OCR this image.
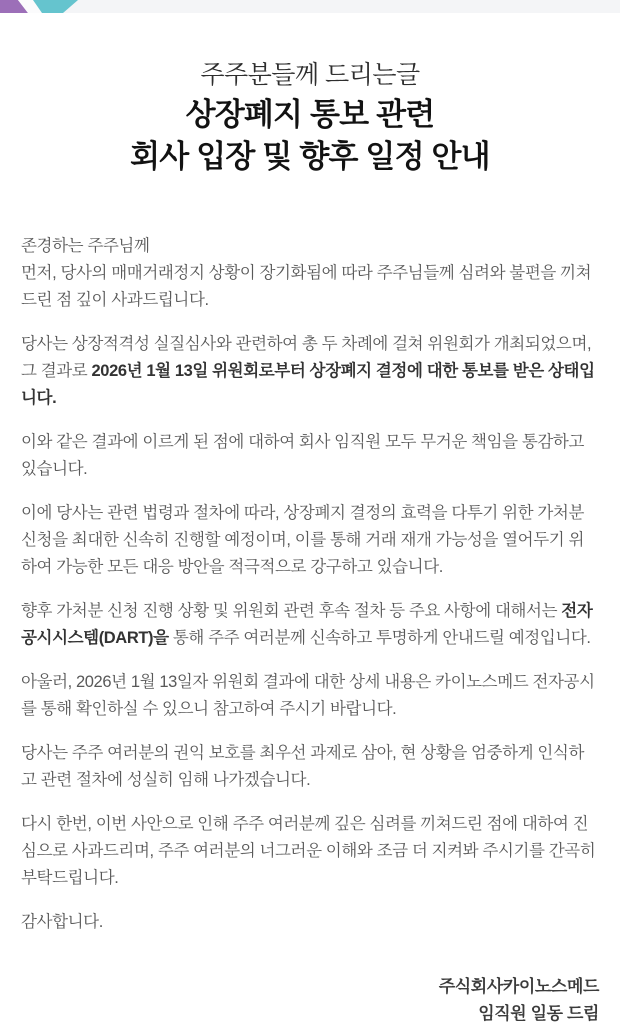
주주분들께 드리는글
상장폐지 통보 관련
회사 입장 및 향후 일정 안내

존경하는 주주님께
먼저, 당사의 매매거래정지 상황이 장기화됨에 따라 주주님들께 심려와 불편을 끼쳐드린 점 깊이 사과드립니다.

당사는 상장적격성 실질심사와 관련하여 총 두 차례에 걸쳐 위원회가 개최되었으며, 그 결과로 2026년 1월 13일 위원회로부터 상장폐지 결정에 대한 통보를 받은 상태입니다.

이와 같은 결과에 이르게 된 점에 대하여 회사 임직원 모두 무거운 책임을 통감하고 있습니다.

이에 당사는 관련 법령과 절차에 따라, 상장폐지 결정의 효력을 다투기 위한 가처분 신청을 최대한 신속히 진행할 예정이며, 이를 통해 거래 재개 가능성을 열어두기 위하여 가능한 모든 대응 방안을 적극적으로 강구하고 있습니다.

향후 가처분 신청 진행 상황 및 위원회 관련 후속 절차 등 주요 사항에 대해서는 전자공시시스템(DART)을 통해 주주 여러분께 신속하고 투명하게 안내드릴 예정입니다.

아울러, 2026년 1월 13일자 위원회 결과에 대한 상세 내용은 카이노스메드 전자공시를 통해 확인하실 수 있으니 참고하여 주시기 바랍니다.

당사는 주주 여러분의 권익 보호를 최우선 과제로 삼아, 현 상황을 엄중하게 인식하고 관련 절차에 성실히 임해 나가겠습니다.

다시 한번, 이번 사안으로 인해 주주 여러분께 깊은 심려를 끼쳐드린 점에 대하여 진심으로 사과드리며, 주주 여러분의 너그러운 이해와 조금 더 지켜봐 주시기를 간곡히 부탁드립니다.

감사합니다.

주식회사카이노스메드
임직원 일동 드림
